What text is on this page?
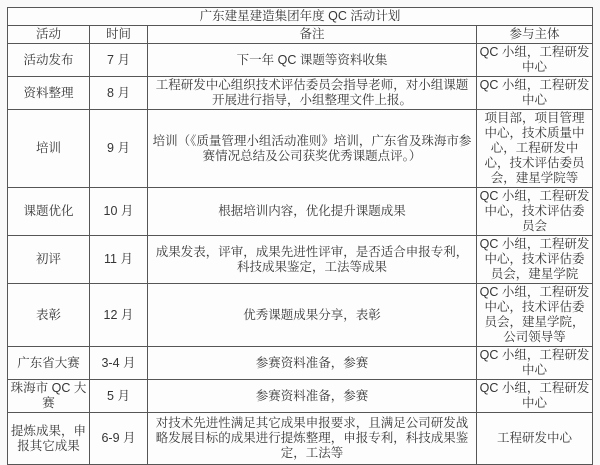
广东建星建造集团年度 QC 活动计划			
活动	时间	备注	参与主体
活动发布	7 月	下一年 QC 课题等资料收集	QC 小组，工程研发中心
资料整理	8 月	工程研发中心组织技术评估委员会指导老师，对小组课题开展进行指导，小组整理文件上报。	QC 小组，工程研发中心
培训	9 月	培训（《质量管理小组活动准则》培训，广东省及珠海市参赛情况总结及公司获奖优秀课题点评。）	项目部，项目管理中心，技术质量中心，工程研发中心，技术评估委员会，建星学院等
课题优化	10 月	根据培训内容，优化提升课题成果	QC 小组，工程研发中心，技术评估委员会
初评	11 月	成果发表，评审，成果先进性评审，是否适合申报专利，科技成果鉴定，工法等成果	QC 小组，工程研发中心，技术评估委员会，建星学院
表彰	12 月	优秀课题成果分享，表彰	QC 小组，工程研发中心，技术评估委员会，建星学院，公司领导等
广东省大赛	3-4 月	参赛资料准备，参赛	QC 小组，工程研发中心
珠海市 QC 大赛	5 月	参赛资料准备，参赛	QC 小组，工程研发中心
提炼成果，申报其它成果	6-9 月	对技术先进性满足其它成果申报要求，且满足公司研发战略发展目标的成果进行提炼整理，申报专利，科技成果鉴定，工法等	工程研发中心
